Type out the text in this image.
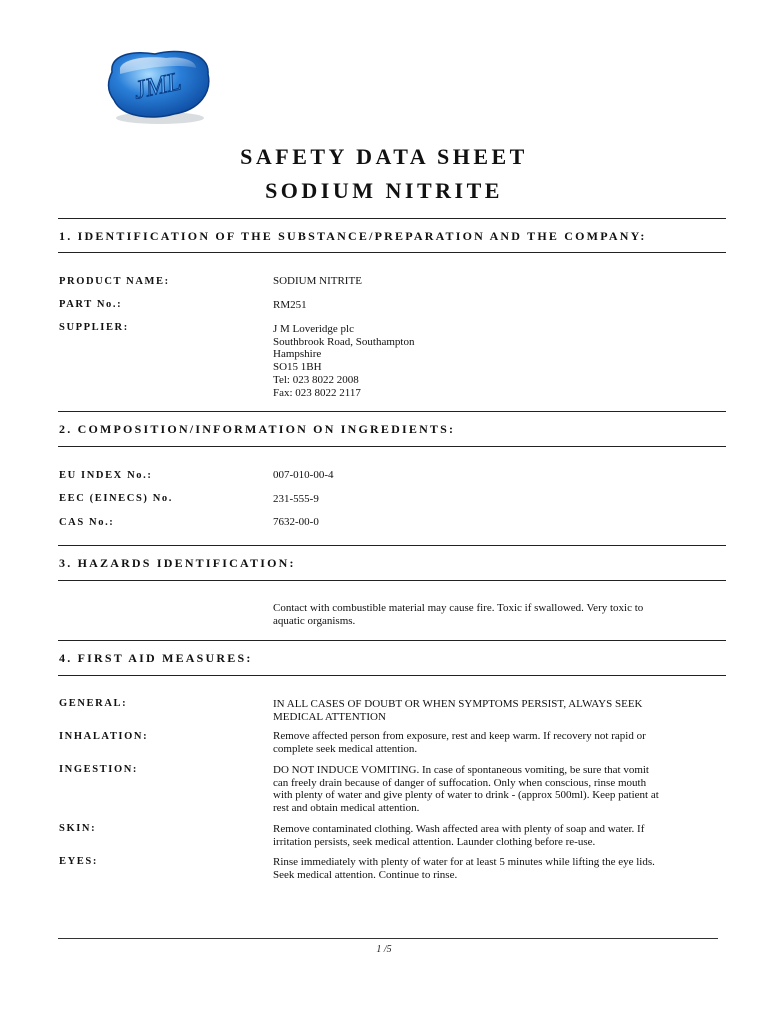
JML
SAFETY DATA SHEET
SODIUM NITRITE
1. IDENTIFICATION OF THE SUBSTANCE/PREPARATION AND THE COMPANY:
PRODUCT NAME:	SODIUM NITRITE
PART No.:	RM251
SUPPLIER:	J M Loveridge plc
Southbrook Road, Southampton
Hampshire
SO15 1BH
Tel: 023 8022 2008
Fax: 023 8022 2117
2. COMPOSITION/INFORMATION ON INGREDIENTS:
EU INDEX No.:	007-010-00-4
EEC (EINECS) No.	231-555-9
CAS No.:	7632-00-0
3. HAZARDS IDENTIFICATION:
Contact with combustible material may cause fire. Toxic if swallowed. Very toxic to
aquatic organisms.
4. FIRST AID MEASURES:
GENERAL:	IN ALL CASES OF DOUBT OR WHEN SYMPTOMS PERSIST, ALWAYS SEEK
MEDICAL ATTENTION
INHALATION:	Remove affected person from exposure, rest and keep warm. If recovery not rapid or
complete seek medical attention.
INGESTION:	DO NOT INDUCE VOMITING. In case of spontaneous vomiting, be sure that vomit
can freely drain because of danger of suffocation. Only when conscious, rinse mouth
with plenty of water and give plenty of water to drink - (approx 500ml). Keep patient at
rest and obtain medical attention.
SKIN:	Remove contaminated clothing. Wash affected area with plenty of soap and water. If
irritation persists, seek medical attention. Launder clothing before re-use.
EYES:	Rinse immediately with plenty of water for at least 5 minutes while lifting the eye lids.
Seek medical attention. Continue to rinse.
1 /5
